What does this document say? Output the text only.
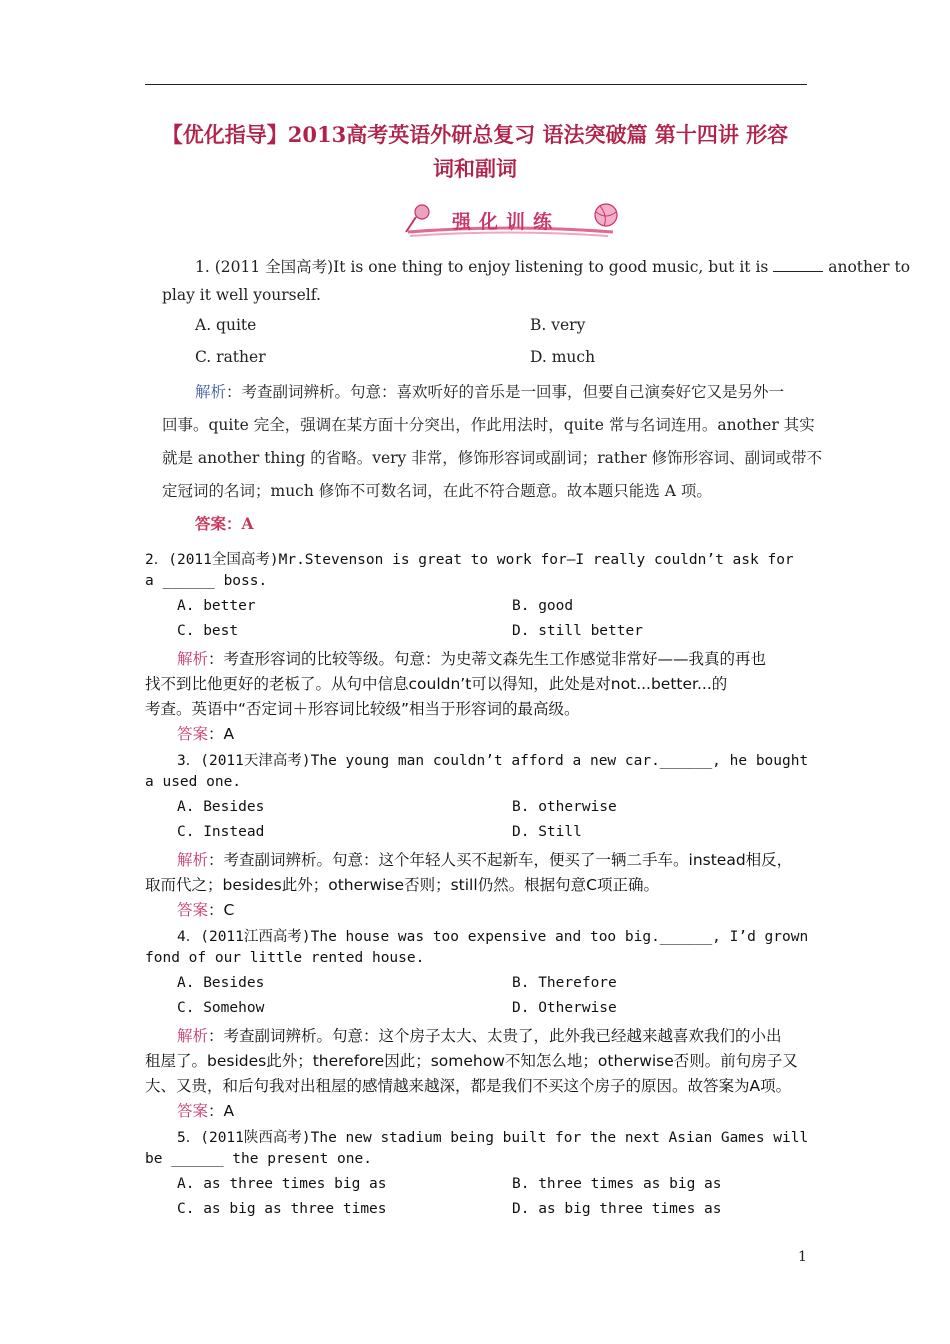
【优化指导】2013高考英语外研总复习 语法突破篇 第十四讲 形容
词和副词
强化训练
1. (2011 全国高考)It is one thing to enjoy listening to good music, but it is	another to
play it well yourself.
A. quite	B. very
C. rather	D. much
解析：考查副词辨析。句意：喜欢听好的音乐是一回事，但要自己演奏好它又是另外一
回事。quite 完全，强调在某方面十分突出，作此用法时，quite 常与名词连用。another 其实
就是 another thing 的省略。very 非常，修饰形容词或副词；rather 修饰形容词、副词或带不
定冠词的名词；much 修饰不可数名词，在此不符合题意。故本题只能选 A 项。
答案：A
2．(2011全国高考)Mr.Stevenson is great to work for—I really couldn’t ask for
a ______ boss.
A. better	B. good
C. best	D. still better
解析：考查形容词的比较等级。句意：为史蒂文森先生工作感觉非常好——我真的再也
找不到比他更好的老板了。从句中信息couldn’t可以得知，此处是对not...better...的
考查。英语中“否定词＋形容词比较级”相当于形容词的最高级。
答案：A
3．(2011天津高考)The young man couldn’t afford a new car.______, he bought
a used one.
A. Besides	B. otherwise
C. Instead	D. Still
解析：考查副词辨析。句意：这个年轻人买不起新车，便买了一辆二手车。instead相反，
取而代之；besides此外；otherwise否则；still仍然。根据句意C项正确。
答案：C
4．(2011江西高考)The house was too expensive and too big.______, I’d grown
fond of our little rented house.
A. Besides	B. Therefore
C. Somehow	D. Otherwise
解析：考查副词辨析。句意：这个房子太大、太贵了，此外我已经越来越喜欢我们的小出
租屋了。besides此外；therefore因此；somehow不知怎么地；otherwise否则。前句房子又
大、又贵，和后句我对出租屋的感情越来越深，都是我们不买这个房子的原因。故答案为A项。
答案：A
5．(2011陕西高考)The new stadium being built for the next Asian Games will
be ______ the present one.
A. as three times big as	B. three times as big as
C. as big as three times	D. as big three times as
1
